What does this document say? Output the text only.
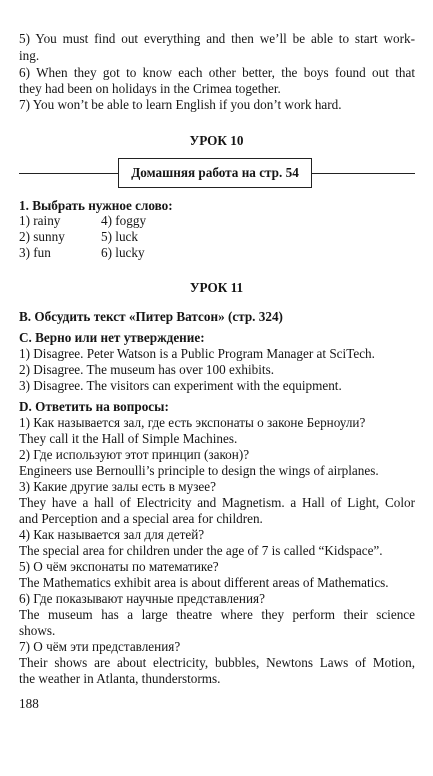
5) You must find out everything and then we’ll be able to start work-
ing.
6) When they got to know each other better, the boys found out that
they had been on holidays in the Crimea together.
7) You won’t be able to learn English if you don’t work hard.
УРОК 10
Домашняя работа на стр. 54
1. Выбрать нужное слово:
1) rainy
2) sunny
3) fun
4) foggy
5) luck
6) lucky
УРОК 11
B. Обсудить текст «Питер Ватсон» (стр. 324)
C. Верно или нет утверждение:
1) Disagree. Peter Watson is a Public Program Manager at SciTech.
2) Disagree. The museum has over 100 exhibits.
3) Disagree. The visitors can experiment with the equipment.
D. Ответить на вопросы:
1) Как называется зал, где есть экспонаты о законе Берноули?
They call it the Hall of Simple Machines.
2) Где используют этот принцип (закон)?
Engineers use Bernoulli’s principle to design the wings of airplanes.
3) Какие другие залы есть в музее?
They have a hall of Electricity and Magnetism. a Hall of Light, Color
and Perception and a special area for children.
4) Как называется зал для детей?
The special area for children under the age of 7 is called “Kidspace”.
5) О чём экспонаты по математике?
The Mathematics exhibit area is about different areas of Mathematics.
6) Где показывают научные представления?
The museum has a large theatre where they perform their science
shows.
7) О чём эти представления?
Their shows are about electricity, bubbles, Newtons Laws of Motion,
the weather in Atlanta, thunderstorms.
188
